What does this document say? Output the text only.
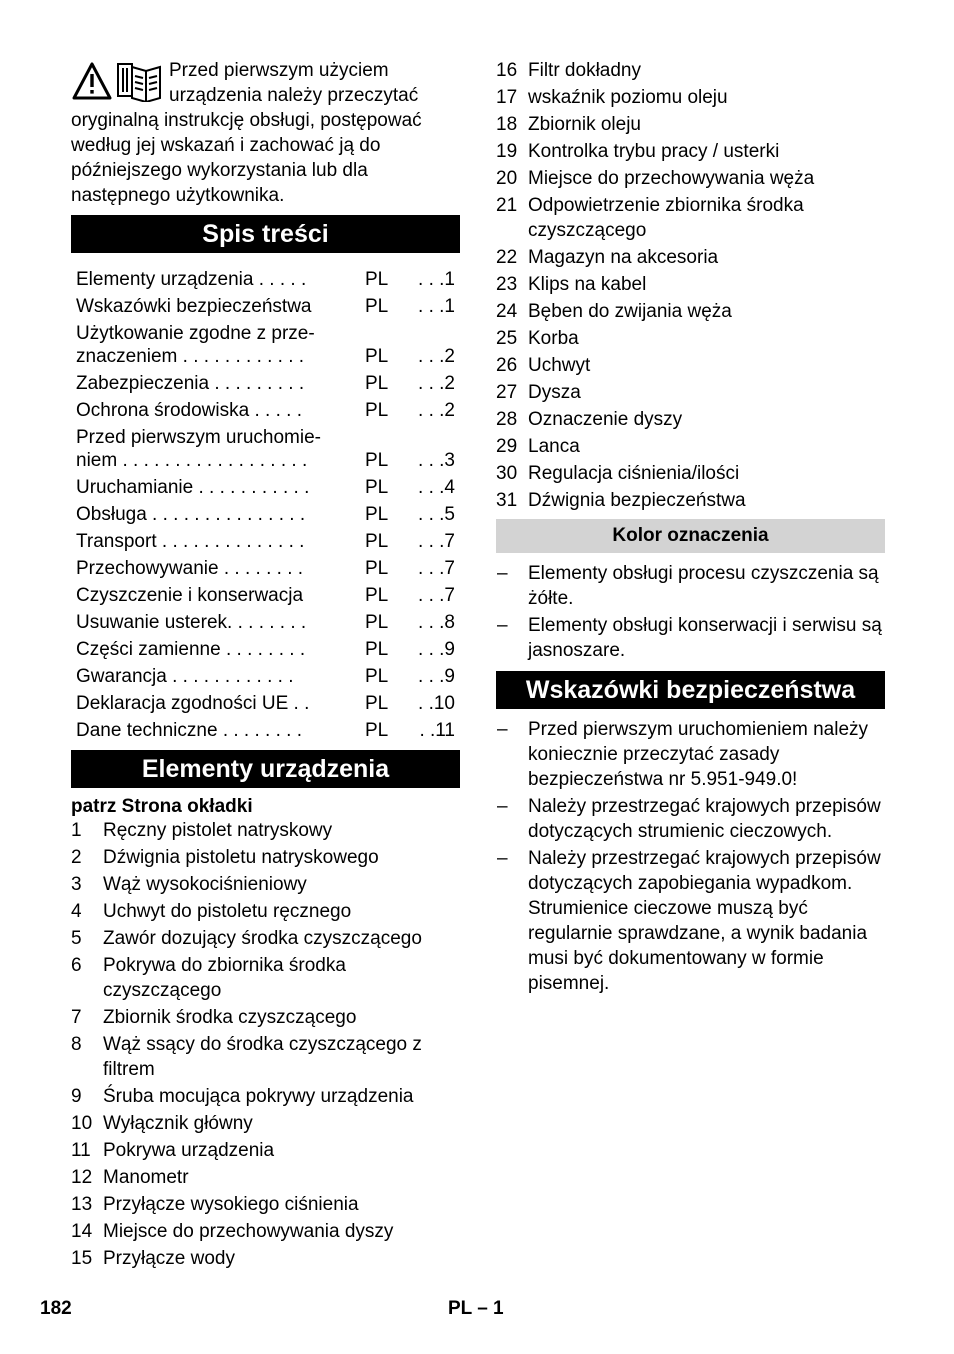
Przed pierwszym użyciem urządzenia należy przeczytać oryginalną instrukcję obsługi, postępować według jej wskazań i zachować ją do późniejszego wykorzystania lub dla następnego użytkownika.

Spis treści
Elementy urządzenia . . . . .	PL	. . .1
Wskazówki bezpieczeństwa	PL	. . .1
Użytkowanie zgodne z prze-
znaczeniem . . . . . . . . . . . .	PL	. . .2
Zabezpieczenia . . . . . . . . .	PL	. . .2
Ochrona środowiska . . . . .	PL	. . .2
Przed pierwszym uruchomie-
niem . . . . . . . . . . . . . . . . . .	PL	. . .3
Uruchamianie . . . . . . . . . . .	PL	. . .4
Obsługa . . . . . . . . . . . . . . .	PL	. . .5
Transport . . . . . . . . . . . . . .	PL	. . .7
Przechowywanie . . . . . . . .	PL	. . .7
Czyszczenie i konserwacja	PL	. . .7
Usuwanie usterek. . . . . . . .	PL	. . .8
Części zamienne . . . . . . . .	PL	. . .9
Gwarancja . . . . . . . . . . . .	PL	. . .9
Deklaracja zgodności UE . .	PL	. .10
Dane techniczne . . . . . . . .	PL	. .11
Elementy urządzenia
patrz Strona okładki
1	Ręczny pistolet natryskowy
2	Dźwignia pistoletu natryskowego
3	Wąż wysokociśnieniowy
4	Uchwyt do pistoletu ręcznego
5	Zawór dozujący środka czyszczącego
6	Pokrywa do zbiornika środka czyszczącego
7	Zbiornik środka czyszczącego
8	Wąż ssący do środka czyszczącego z filtrem
9	Śruba mocująca pokrywy urządzenia
10 Wyłącznik główny
11 Pokrywa urządzenia
12 Manometr
13 Przyłącze wysokiego ciśnienia
14 Miejsce do przechowywania dyszy
15 Przyłącze wody
16 Filtr dokładny
17 wskaźnik poziomu oleju
18 Zbiornik oleju
19 Kontrolka trybu pracy / usterki
20 Miejsce do przechowywania węża
21 Odpowietrzenie zbiornika środka czyszczącego
22 Magazyn na akcesoria
23 Klips na kabel
24 Bęben do zwijania węża
25 Korba
26 Uchwyt
27 Dysza
28 Oznaczenie dyszy
29 Lanca
30 Regulacja ciśnienia/ilości
31 Dźwignia bezpieczeństwa
Kolor oznaczenia
–	Elementy obsługi procesu czyszczenia są żółte.
–	Elementy obsługi konserwacji i serwisu są jasnoszare.
Wskazówki bezpieczeństwa
–	Przed pierwszym uruchomieniem należy koniecznie przeczytać zasady bezpieczeństwa nr 5.951-949.0!
–	Należy przestrzegać krajowych przepisów dotyczących strumienic cieczowych.
–	Należy przestrzegać krajowych przepisów dotyczących zapobiegania wypadkom. Strumienice cieczowe muszą być regularnie sprawdzane, a wynik badania musi być dokumentowany w formie pisemnej.
182	PL – 1
